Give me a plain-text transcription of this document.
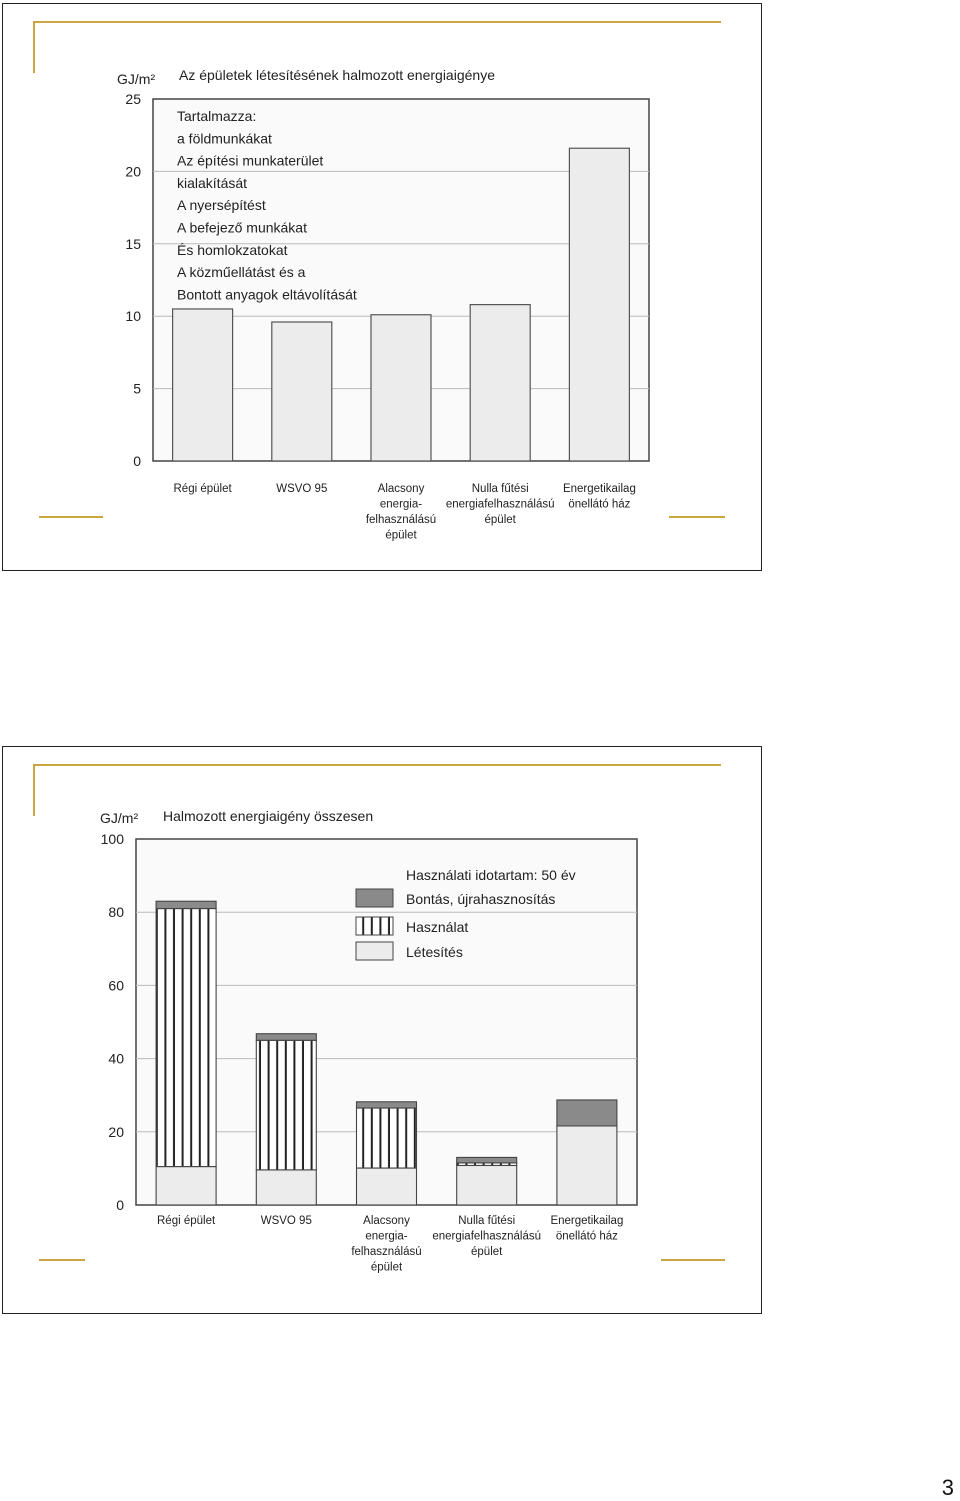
0
5
10
15
20
25
GJ/m² Az épületek létesítésének halmozott energiaigénye
Tartalmazza:
a földmunkákat
Az építési munkaterület
kialakítását
A nyersépítést
A befejező munkákat
És homlokzatokat
A közműellátást és a
Bontott anyagok eltávolítását
Régi épület	WSVO 95	Alacsony
energia-
felhasználású
épület
Nulla fűtési
energiafelhasználású
épület
Energetikailag
önellátó ház
0
20
40
60
80
100
GJ/m² Halmozott energiaigény összesen
Használati idotartam: 50 év
Bontás, újrahasznosítás
Használat
Létesítés
Régi épület	WSVO 95	Alacsony
energia-
felhasználású
épület
Nulla fűtési
energiafelhasználású
épület
Energetikailag
önellátó ház
3
